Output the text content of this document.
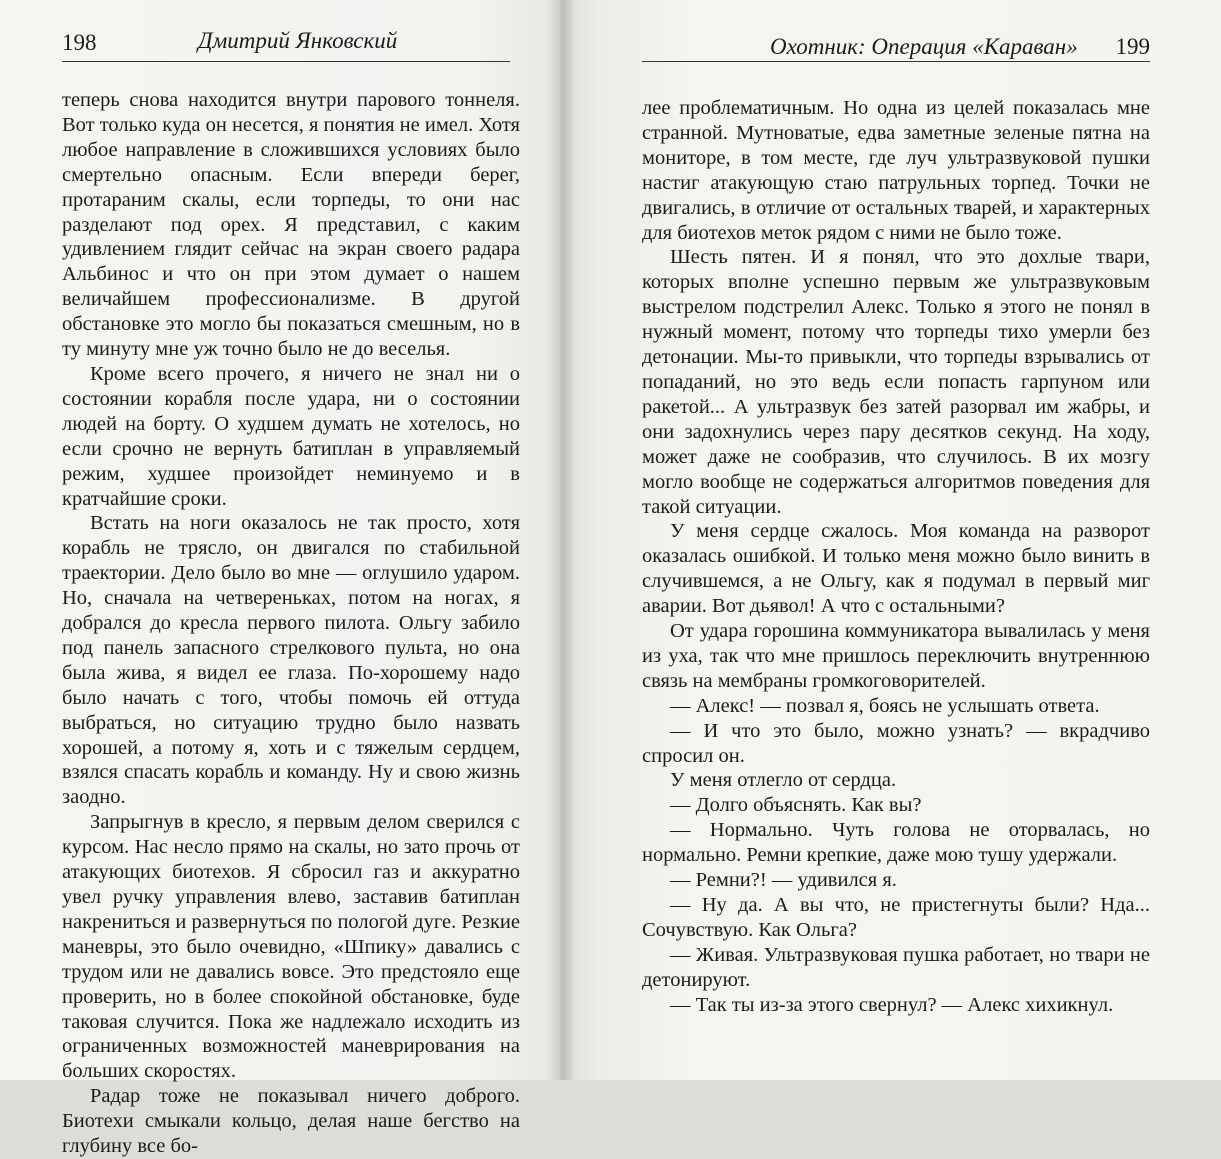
198	Дмитрий Янковский

теперь снова находится внутри парового тоннеля. Вот только куда он несется, я понятия не имел. Хотя любое направление в сложившихся условиях было смертельно опасным. Если впереди берег, протараним скалы, если торпеды, то они нас разделают под орех. Я представил, с каким удивлением глядит сейчас на экран своего радара Альбинос и что он при этом думает о нашем величайшем профессионализме. В другой обстановке это могло бы показаться смешным, но в ту минуту мне уж точно было не до веселья.

Кроме всего прочего, я ничего не знал ни о состоянии корабля после удара, ни о состоянии людей на борту. О худшем думать не хотелось, но если срочно не вернуть батиплан в управляемый режим, худшее произойдет неминуемо и в кратчайшие сроки.

Встать на ноги оказалось не так просто, хотя корабль не трясло, он двигался по стабильной траектории. Дело было во мне — оглушило ударом. Но, сначала на четвереньках, потом на ногах, я добрался до кресла первого пилота. Ольгу забило под панель запасного стрелкового пульта, но она была жива, я видел ее глаза. По-хорошему надо было начать с того, чтобы помочь ей оттуда выбраться, но ситуацию трудно было назвать хорошей, а потому я, хоть и с тяжелым сердцем, взялся спасать корабль и команду. Ну и свою жизнь заодно.

Запрыгнув в кресло, я первым делом сверился с курсом. Нас несло прямо на скалы, но зато прочь от атакующих биотехов. Я сбросил газ и аккуратно увел ручку управления влево, заставив батиплан накрениться и развернуться по пологой дуге. Резкие маневры, это было очевидно, «Шпику» давались с трудом или не давались вовсе. Это предстояло еще проверить, но в более спокойной обстановке, буде таковая случится. Пока же надлежало исходить из ограниченных возможностей маневрирования на больших скоростях.

Радар тоже не показывал ничего доброго. Биотехи смыкали кольцо, делая наше бегство на глубину все бо-

Охотник: Операция «Караван» 199

лее проблематичным. Но одна из целей показалась мне странной. Мутноватые, едва заметные зеленые пятна на мониторе, в том месте, где луч ультразвуковой пушки настиг атакующую стаю патрульных торпед. Точки не двигались, в отличие от остальных тварей, и характерных для биотехов меток рядом с ними не было тоже.

Шесть пятен. И я понял, что это дохлые твари, которых вполне успешно первым же ультразвуковым выстрелом подстрелил Алекс. Только я этого не понял в нужный момент, потому что торпеды тихо умерли без детонации. Мы-то привыкли, что торпеды взрывались от попаданий, но это ведь если попасть гарпуном или ракетой... А ультразвук без затей разорвал им жабры, и они задохнулись через пару десятков секунд. На ходу, может даже не сообразив, что случилось. В их мозгу могло вообще не содержаться алгоритмов поведения для такой ситуации.

У меня сердце сжалось. Моя команда на разворот оказалась ошибкой. И только меня можно было винить в случившемся, а не Ольгу, как я подумал в первый миг аварии. Вот дьявол! А что с остальными?

От удара горошина коммуникатора вывалилась у меня из уха, так что мне пришлось переключить внутреннюю связь на мембраны громкоговорителей.

— Алекс! — позвал я, боясь не услышать ответа.

— И что это было, можно узнать? — вкрадчиво спросил он.

У меня отлегло от сердца.

— Долго объяснять. Как вы?

— Нормально. Чуть голова не оторвалась, но нормально. Ремни крепкие, даже мою тушу удержали.

— Ремни?! — удивился я.

— Ну да. А вы что, не пристегнуты были? Нда... Сочувствую. Как Ольга?

— Живая. Ультразвуковая пушка работает, но твари не детонируют.

— Так ты из-за этого свернул? — Алекс хихикнул.
